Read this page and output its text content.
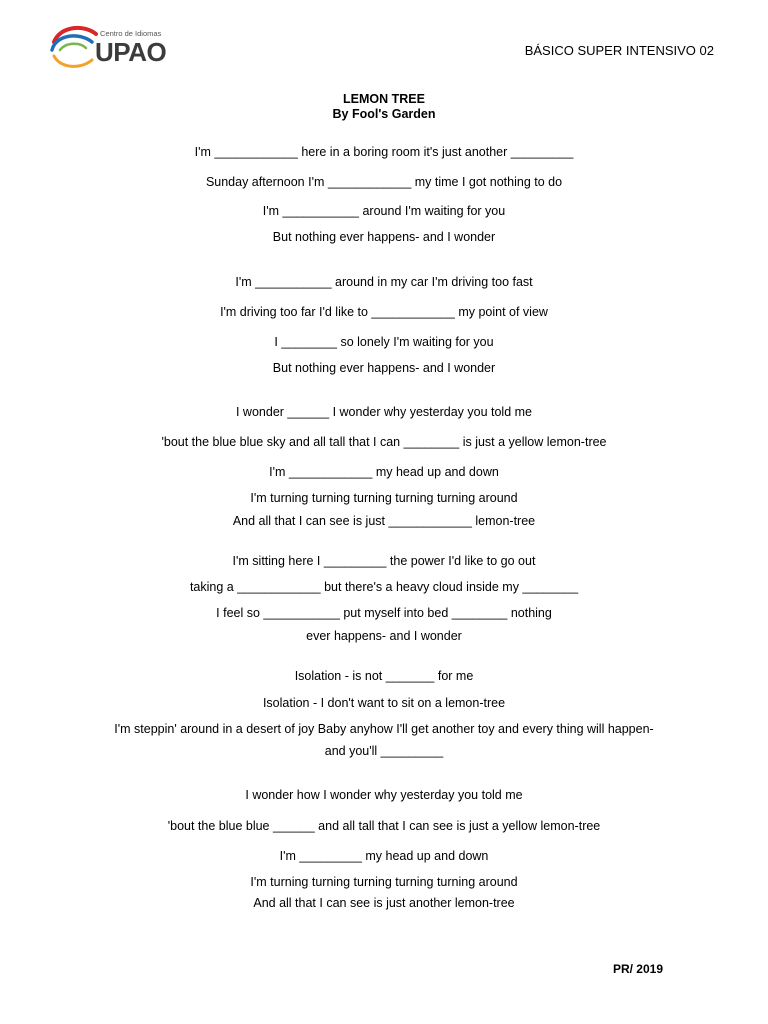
Centro de Idiomas
UPAO	BÁSICO SUPER INTENSIVO 02
LEMON TREE
By Fool's Garden
I'm ____________ here in a boring room it's just another _________
Sunday afternoon I'm ____________ my time I got nothing to do
I'm ___________ around I'm waiting for you
But nothing ever happens- and I wonder
I'm ___________ around in my car I'm driving too fast
I'm driving too far I'd like to ____________ my point of view
I ________ so lonely I'm waiting for you
But nothing ever happens- and I wonder
I wonder ______ I wonder why yesterday you told me
'bout the blue blue sky and all tall that I can ________ is just a yellow lemon-tree
I'm ____________ my head up and down
I'm turning turning turning turning turning around
And all that I can see is just ____________ lemon-tree
I'm sitting here I _________ the power I'd like to go out
taking a ____________ but there's a heavy cloud inside my ________
I feel so ___________ put myself into bed ________ nothing
ever happens- and I wonder
Isolation - is not _______ for me
Isolation - I don't want to sit on a lemon-tree
I'm steppin' around in a desert of joy Baby anyhow I'll get another toy and every thing will happen-
and you'll _________
I wonder how I wonder why yesterday you told me
'bout the blue blue ______ and all tall that I can see is just a yellow lemon-tree
I'm _________ my head up and down
I'm turning turning turning turning turning around
And all that I can see is just another lemon-tree
PR/ 2019
